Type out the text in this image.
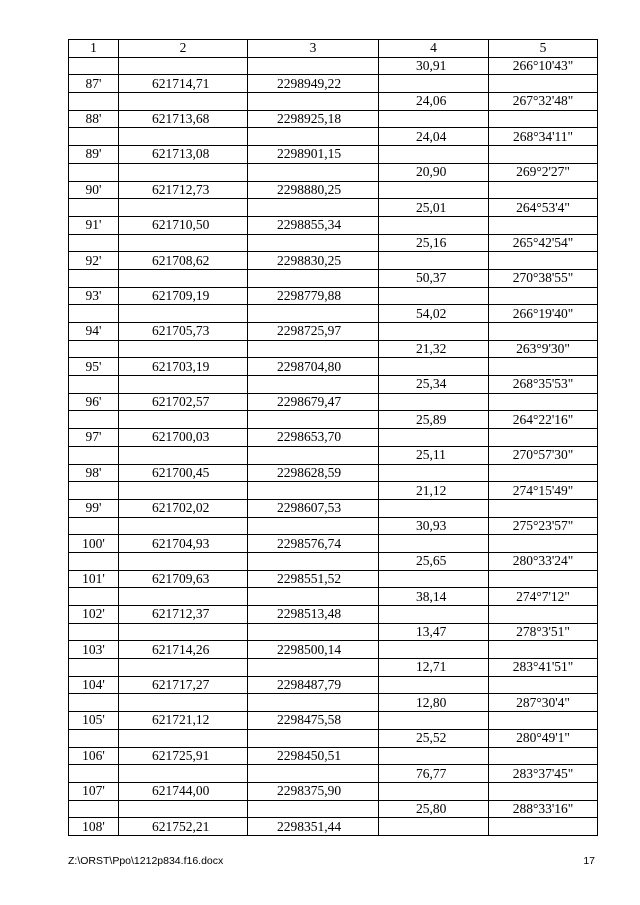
1	2	3	4	5
			30,91	266°10'43"
87'	621714,71	2298949,22		
			24,06	267°32'48"
88'	621713,68	2298925,18		
			24,04	268°34'11"
89'	621713,08	2298901,15		
			20,90	269°2'27"
90'	621712,73	2298880,25		
			25,01	264°53'4"
91'	621710,50	2298855,34		
			25,16	265°42'54"
92'	621708,62	2298830,25		
			50,37	270°38'55"
93'	621709,19	2298779,88		
			54,02	266°19'40"
94'	621705,73	2298725,97		
			21,32	263°9'30"
95'	621703,19	2298704,80		
			25,34	268°35'53"
96'	621702,57	2298679,47		
			25,89	264°22'16"
97'	621700,03	2298653,70		
			25,11	270°57'30"
98'	621700,45	2298628,59		
			21,12	274°15'49"
99'	621702,02	2298607,53		
			30,93	275°23'57"
100'	621704,93	2298576,74		
			25,65	280°33'24"
101'	621709,63	2298551,52		
			38,14	274°7'12"
102'	621712,37	2298513,48		
			13,47	278°3'51"
103'	621714,26	2298500,14		
			12,71	283°41'51"
104'	621717,27	2298487,79		
			12,80	287°30'4"
105'	621721,12	2298475,58		
			25,52	280°49'1"
106'	621725,91	2298450,51		
			76,77	283°37'45"
107'	621744,00	2298375,90		
			25,80	288°33'16"
108'	621752,21	2298351,44		
Z:\ORST\Ppo\1212p834.f16.docx	17
